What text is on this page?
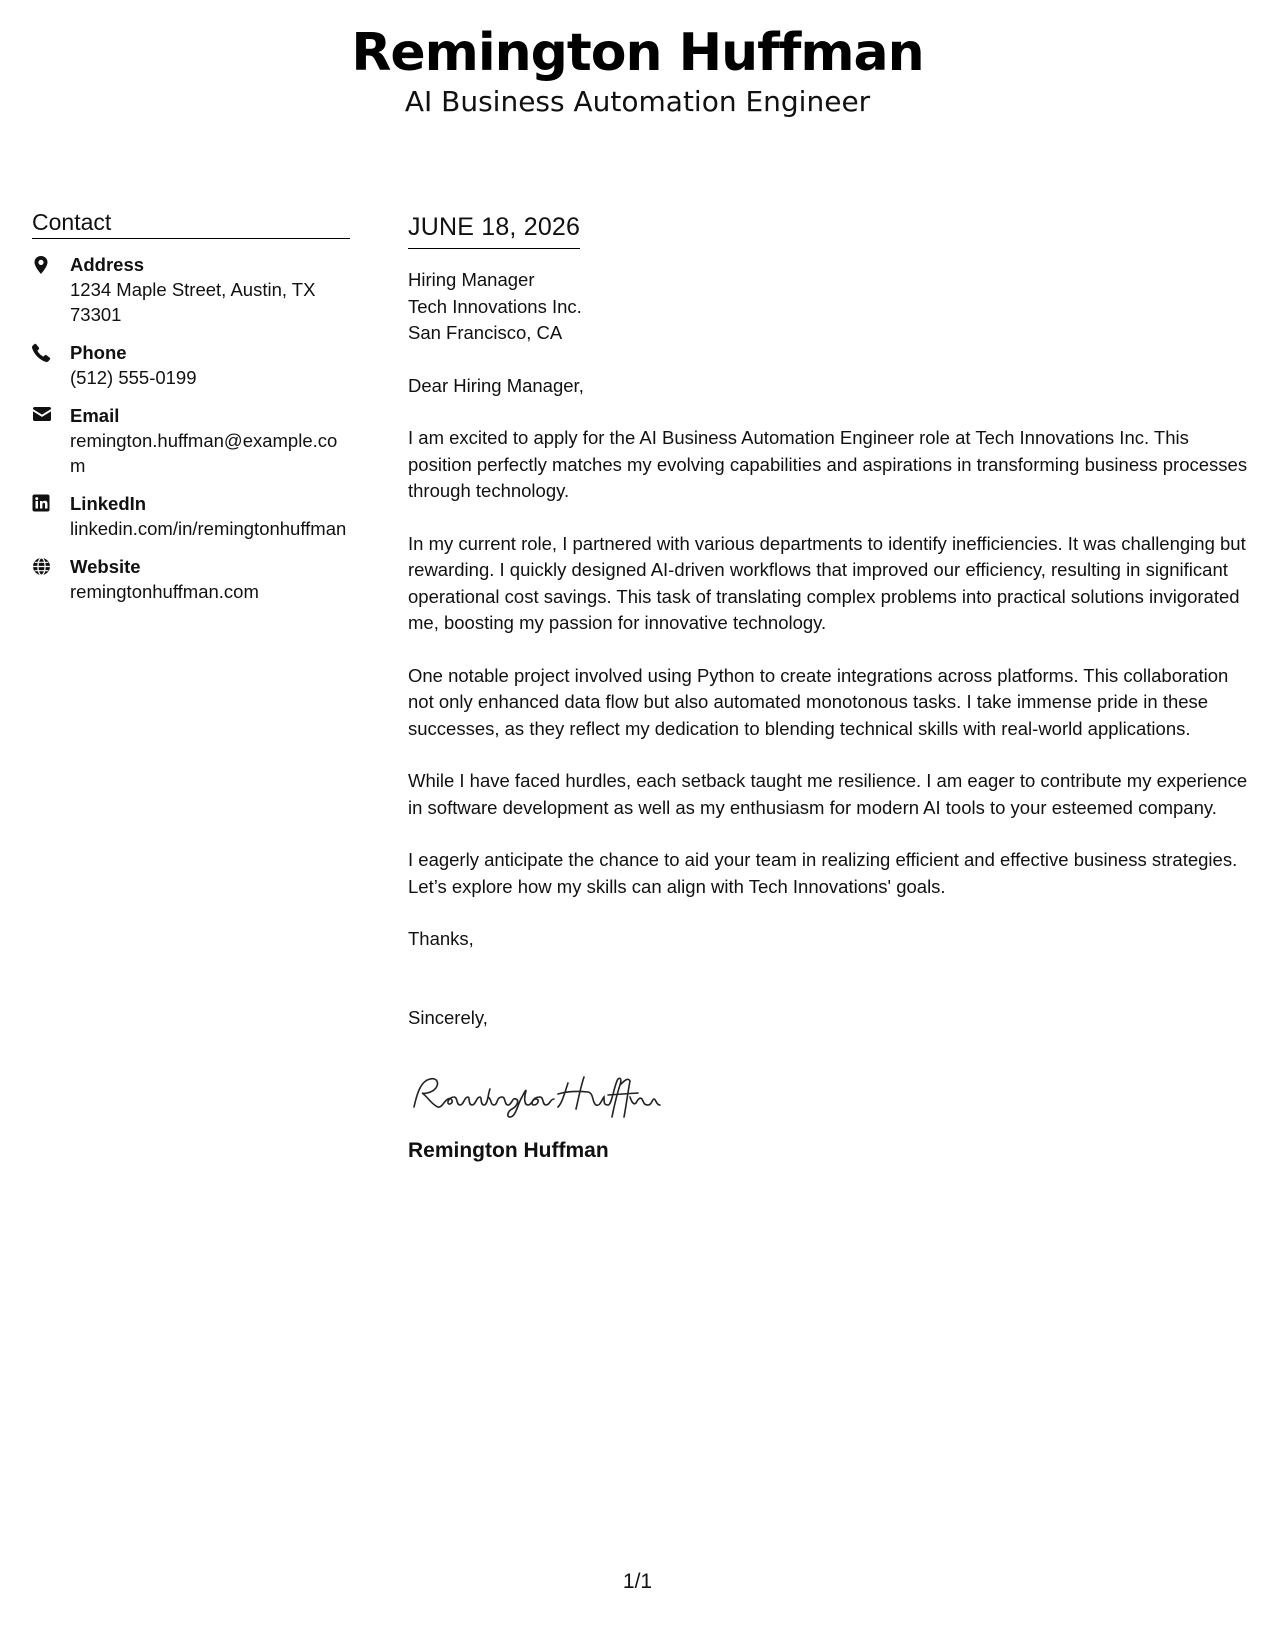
Remington Huffman
AI Business Automation Engineer
Contact
Address
1234 Maple Street, Austin, TX 73301
Phone
(512) 555-0199
Email
remington.huffman@example.com
LinkedIn
linkedin.com/in/remingtonhuffman
Website
remingtonhuffman.com
JUNE 18, 2026
Hiring Manager
Tech Innovations Inc.
San Francisco, CA
Dear Hiring Manager,
I am excited to apply for the AI Business Automation Engineer role at Tech Innovations Inc. This position perfectly matches my evolving capabilities and aspirations in transforming business processes through technology.
In my current role, I partnered with various departments to identify inefficiencies. It was challenging but rewarding. I quickly designed AI-driven workflows that improved our efficiency, resulting in significant operational cost savings. This task of translating complex problems into practical solutions invigorated me, boosting my passion for innovative technology.
One notable project involved using Python to create integrations across platforms. This collaboration not only enhanced data flow but also automated monotonous tasks. I take immense pride in these successes, as they reflect my dedication to blending technical skills with real-world applications.
While I have faced hurdles, each setback taught me resilience. I am eager to contribute my experience in software development as well as my enthusiasm for modern AI tools to your esteemed company.
I eagerly anticipate the chance to aid your team in realizing efficient and effective business strategies. Let’s explore how my skills can align with Tech Innovations' goals.
Thanks,
Sincerely,
Remington Huffman
1/1
